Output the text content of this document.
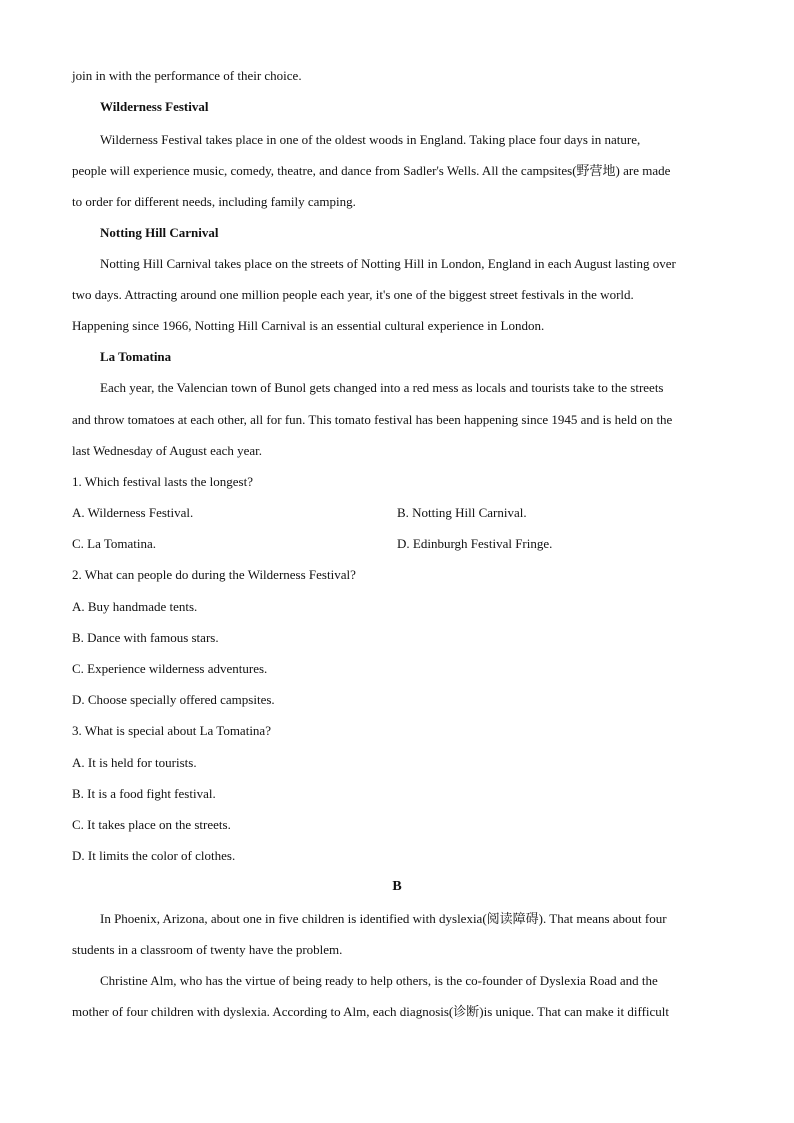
join in with the performance of their choice.
Wilderness Festival
Wilderness Festival takes place in one of the oldest woods in England. Taking place four days in nature,
people will experience music, comedy, theatre, and dance from Sadler's Wells. All the campsites(野营地) are made
to order for different needs, including family camping.
Notting Hill Carnival
Notting Hill Carnival takes place on the streets of Notting Hill in London, England in each August lasting over
two days. Attracting around one million people each year, it's one of the biggest street festivals in the world.
Happening since 1966, Notting Hill Carnival is an essential cultural experience in London.
La Tomatina
Each year, the Valencian town of Bunol gets changed into a red mess as locals and tourists take to the streets
and throw tomatoes at each other, all for fun. This tomato festival has been happening since 1945 and is held on the
last Wednesday of August each year.
1. Which festival lasts the longest?
A. Wilderness Festival.	B. Notting Hill Carnival.
C. La Tomatina.	D. Edinburgh Festival Fringe.
2. What can people do during the Wilderness Festival?
A. Buy handmade tents.
B. Dance with famous stars.
C. Experience wilderness adventures.
D. Choose specially offered campsites.
3. What is special about La Tomatina?
A. It is held for tourists.
B. It is a food fight festival.
C. It takes place on the streets.
D. It limits the color of clothes.
B
In Phoenix, Arizona, about one in five children is identified with dyslexia(阅读障碍). That means about four
students in a classroom of twenty have the problem.
Christine Alm, who has the virtue of being ready to help others, is the co-founder of Dyslexia Road and the
mother of four children with dyslexia. According to Alm, each diagnosis(诊断)is unique. That can make it difficult
